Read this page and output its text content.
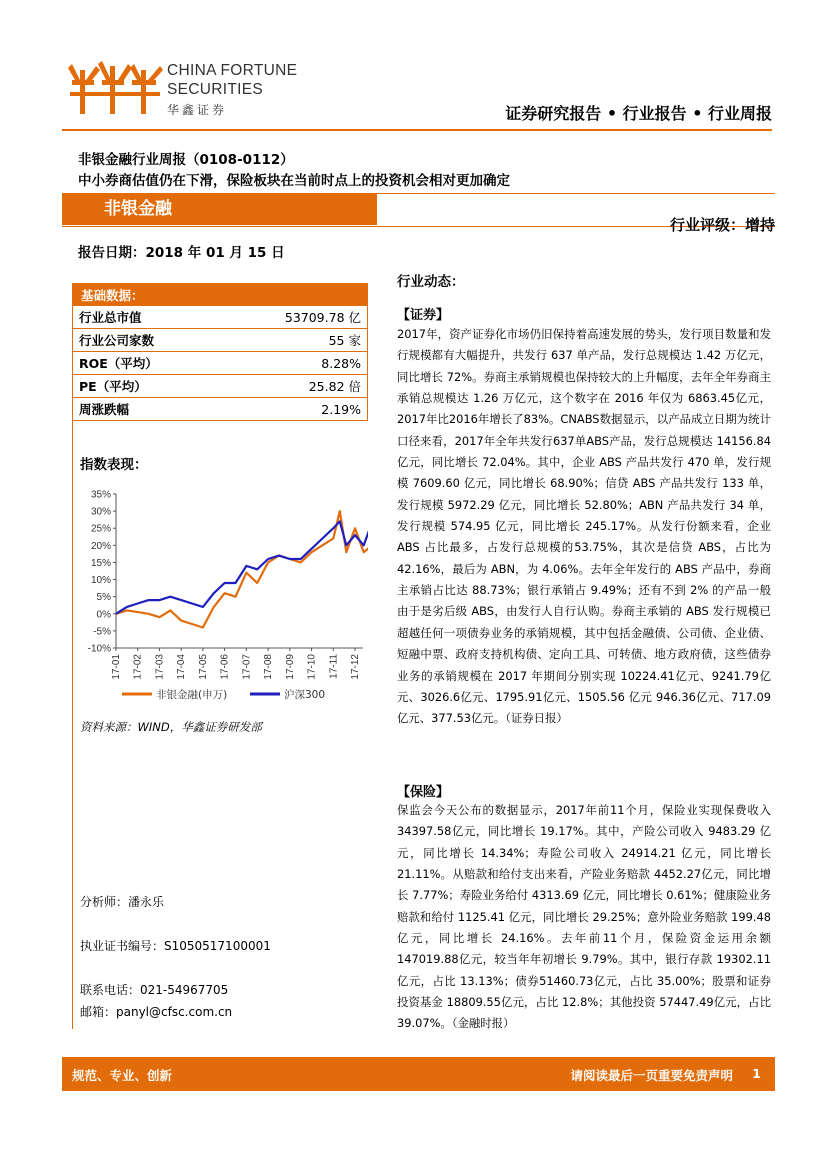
CHINA FORTUNE
SECURITIES
华鑫证券	证券研究报告 • 行业报告 • 行业周报
非银金融行业周报（0108-0112）
中小券商估值仍在下滑，保险板块在当前时点上的投资机会相对更加确定
非银金融
行业评级：增持
报告日期：2018 年 01 月 15 日
基础数据：	
行业总市值	53709.78 亿
行业公司家数	55 家
ROE（平均）	8.28%
PE（平均）	25.82 倍
周涨跌幅	2.19%
指数表现：
35%
30%
25%
20%
15%
10%
5%
0%
-5%
-10%
17-01 17-02 17-03 17-04 17-05 17-06 17-07 17-08 17-09 17-10 17-11 17-12
非银金融(申万)	沪深300
资料来源：WIND，华鑫证券研发部
分析师：潘永乐
执业证书编号：S1050517100001
联系电话：021-54967705
邮箱：panyl@cfsc.com.cn
行业动态：
【证券】
2017年，资产证券化市场仍旧保持着高速发展的势头，发行项目数量和发行规模都有大幅提升，共发行 637 单产品，发行总规模达 1.42 万亿元，同比增长 72%。券商主承销规模也保持较大的上升幅度，去年全年券商主承销总规模达 1.26 万亿元，这个数字在 2016 年仅为 6863.45亿元，2017年比2016年增长了83%。CNABS数据显示，以产品成立日期为统计口径来看，2017年全年共发行637单ABS产品，发行总规模达 14156.84亿元，同比增长 72.04%。其中，企业 ABS 产品共发行 470 单，发行规模 7609.60 亿元，同比增长 68.90%；信贷 ABS 产品共发行 133 单，发行规模 5972.29 亿元，同比增长 52.80%；ABN 产品共发行 34 单，发行规模 574.95 亿元，同比增长 245.17%。从发行份额来看，企业 ABS 占比最多，占发行总规模的53.75%，其次是信贷 ABS，占比为 42.16%，最后为 ABN，为 4.06%。去年全年发行的 ABS 产品中，券商主承销占比达 88.73%；银行承销占 9.49%；还有不到 2% 的产品一般由于是劣后级 ABS，由发行人自行认购。券商主承销的 ABS 发行规模已超越任何一项债券业务的承销规模，其中包括金融债、公司债、企业债、短融中票、政府支持机构债、定向工具、可转债、地方政府债，这些债券业务的承销规模在 2017 年期间分别实现 10224.41亿元、9241.79亿元、3026.6亿元、1795.91亿元、1505.56 亿元 946.36亿元、717.09亿元、377.53亿元。（证券日报）
【保险】
保监会今天公布的数据显示，2017年前11个月，保险业实现保费收入 34397.58亿元，同比增长 19.17%。其中，产险公司收入 9483.29 亿元，同比增长 14.34%；寿险公司收入 24914.21 亿元，同比增长 21.11%。从赔款和给付支出来看，产险业务赔款 4452.27亿元，同比增长 7.77%；寿险业务给付 4313.69 亿元，同比增长 0.61%；健康险业务赔款和给付 1125.41 亿元，同比增长 29.25%；意外险业务赔款 199.48 亿元，同比增长 24.16%。去年前11个月，保险资金运用余额 147019.88亿元，较当年年初增长 9.79%。其中，银行存款 19302.11 亿元，占比 13.13%；债券51460.73亿元，占比 35.00%；股票和证券投资基金 18809.55亿元，占比 12.8%；其他投资 57447.49亿元，占比 39.07%。（金融时报）
规范、专业、创新	请阅读最后一页重要免责声明 1
